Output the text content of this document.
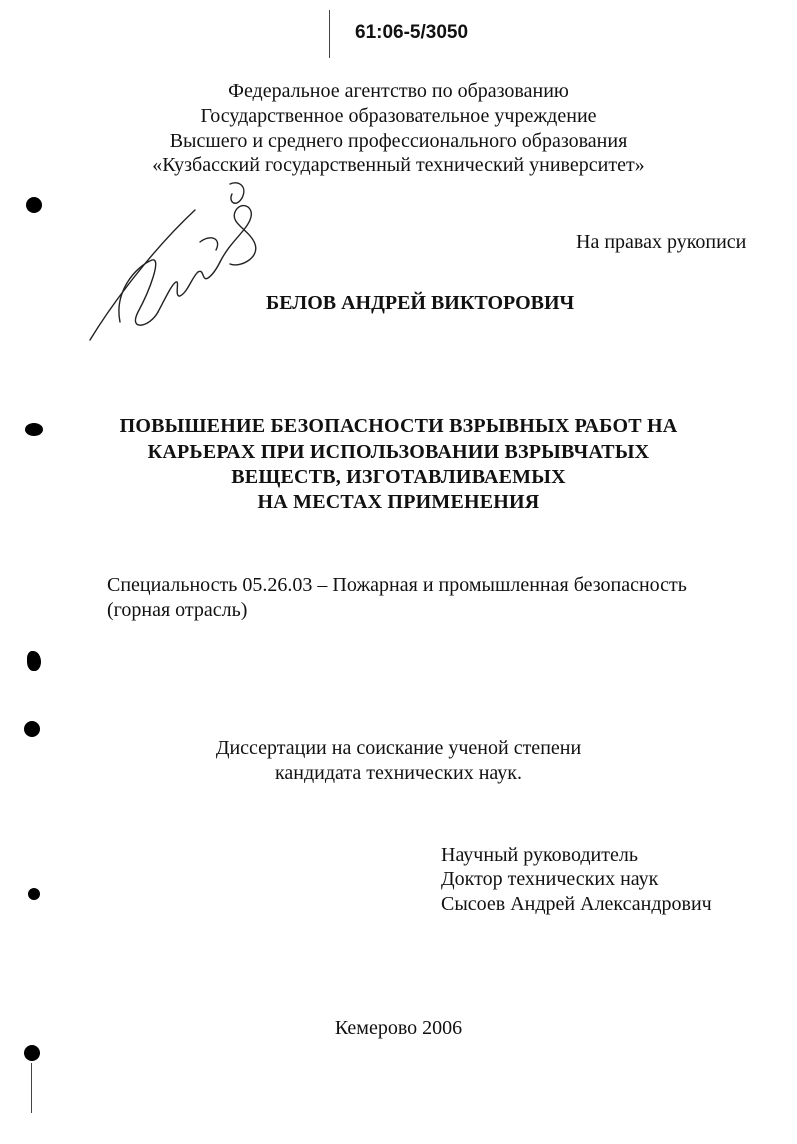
61:06-5/3050
Федеральное агентство по образованию
Государственное образовательное учреждение
Высшего и среднего профессионального образования
«Кузбасский государственный технический университет»
На правах рукописи
БЕЛОВ АНДРЕЙ ВИКТОРОВИЧ
ПОВЫШЕНИЕ БЕЗОПАСНОСТИ ВЗРЫВНЫХ РАБОТ НА
КАРЬЕРАХ ПРИ ИСПОЛЬЗОВАНИИ ВЗРЫВЧАТЫХ
ВЕЩЕСТВ, ИЗГОТАВЛИВАЕМЫХ
НА МЕСТАХ ПРИМЕНЕНИЯ
Специальность 05.26.03 – Пожарная и промышленная безопасность
(горная отрасль)
Диссертации на соискание ученой степени
кандидата технических наук.
Научный руководитель
Доктор технических наук
Сысоев Андрей Александрович
Кемерово 2006
